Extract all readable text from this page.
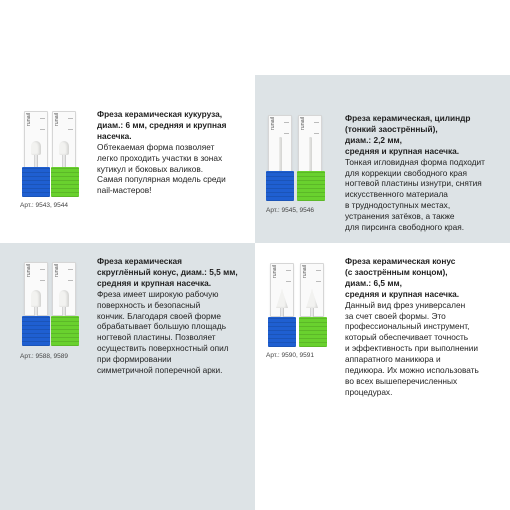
runail	runail
Арт.: 9543, 9544
Фреза керамическая кукуруза,
диам.: 6 мм, средняя и крупная
насечка.
Обтекаемая форма позволяет
легко проходить участки в зонах
кутикул и боковых валиков.
Самая популярная модель среди
nail-мастеров!
runail	runail
Арт.: 9545, 9546
Фреза керамическая, цилиндр
(тонкий заострённый),
диам.: 2,2 мм,
средняя и крупная насечка.
Тонкая игловидная форма подходит
для коррекции свободного края
ногтевой пластины изнутри, снятия
искусственного материала
в труднодоступных местах,
устранения затёков, а также
для пирсинга свободного края.
runail	runail
Арт.: 9588, 9589
Фреза керамическая
скруглённый конус, диам.: 5,5 мм,
средняя и крупная насечка.
Фреза имеет широкую рабочую
поверхность и безопасный
кончик. Благодаря своей форме
обрабатывает большую площадь
ногтевой пластины. Позволяет
осуществить поверхностный опил
при формировании
симметричной поперечной арки.
runail	runail
Арт.: 9590, 9591
Фреза керамическая конус
(с заострённым концом),
диам.: 6,5 мм,
средняя и крупная насечка.
Данный вид фрез универсален
за счет своей формы. Это
профессиональный инструмент,
который обеспечивает точность
и эффективность при выполнении
аппаратного маникюра и
педикюра. Их можно использовать
во всех вышеперечисленных
процедурах.
